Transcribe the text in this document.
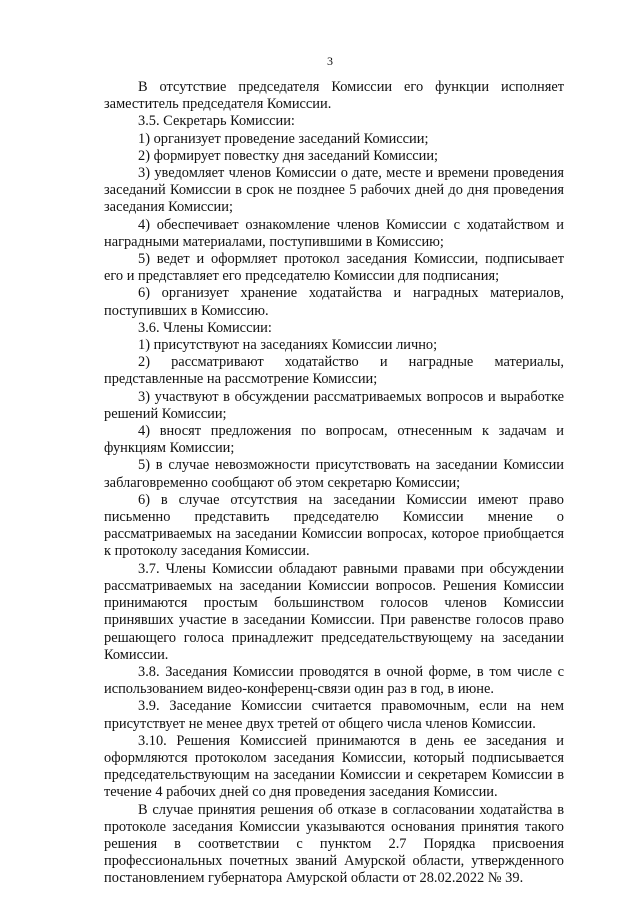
3

В отсутствие председателя Комиссии его функции исполняет заместитель председателя Комиссии.

3.5. Секретарь Комиссии:

1) организует проведение заседаний Комиссии;

2) формирует повестку дня заседаний Комиссии;

3) уведомляет членов Комиссии о дате, месте и времени проведения заседаний Комиссии в срок не позднее 5 рабочих дней до дня проведения заседания Комиссии;

4) обеспечивает ознакомление членов Комиссии с ходатайством и наградными материалами, поступившими в Комиссию;

5) ведет и оформляет протокол заседания Комиссии, подписывает его и представляет его председателю Комиссии для подписания;

6) организует хранение ходатайства и наградных материалов, поступивших в Комиссию.

3.6. Члены Комиссии:

1) присутствуют на заседаниях Комиссии лично;

2) рассматривают ходатайство и наградные материалы, представленные на рассмотрение Комиссии;

3) участвуют в обсуждении рассматриваемых вопросов и выработке решений Комиссии;

4) вносят предложения по вопросам, отнесенным к задачам и функциям Комиссии;

5) в случае невозможности присутствовать на заседании Комиссии заблаговременно сообщают об этом секретарю Комиссии;

6) в случае отсутствия на заседании Комиссии имеют право письменно представить председателю Комиссии мнение о рассматриваемых на заседании Комиссии вопросах, которое приобщается к протоколу заседания Комиссии.

3.7. Члены Комиссии обладают равными правами при обсуждении рассматриваемых на заседании Комиссии вопросов. Решения Комиссии принимаются простым большинством голосов членов Комиссии принявших участие в заседании Комиссии. При равенстве голосов право решающего голоса принадлежит председательствующему на заседании Комиссии.

3.8. Заседания Комиссии проводятся в очной форме, в том числе с использованием видео-конференц-связи один раз в год, в июне.

3.9. Заседание Комиссии считается правомочным, если на нем присутствует не менее двух третей от общего числа членов Комиссии.

3.10. Решения Комиссией принимаются в день ее заседания и оформляются протоколом заседания Комиссии, который подписывается председательствующим на заседании Комиссии и секретарем Комиссии в течение 4 рабочих дней со дня проведения заседания Комиссии.

В случае принятия решения об отказе в согласовании ходатайства в протоколе заседания Комиссии указываются основания принятия такого решения в соответствии с пунктом 2.7 Порядка присвоения профессиональных почетных званий Амурской области, утвержденного постановлением губернатора Амурской области от 28.02.2022 № 39.
